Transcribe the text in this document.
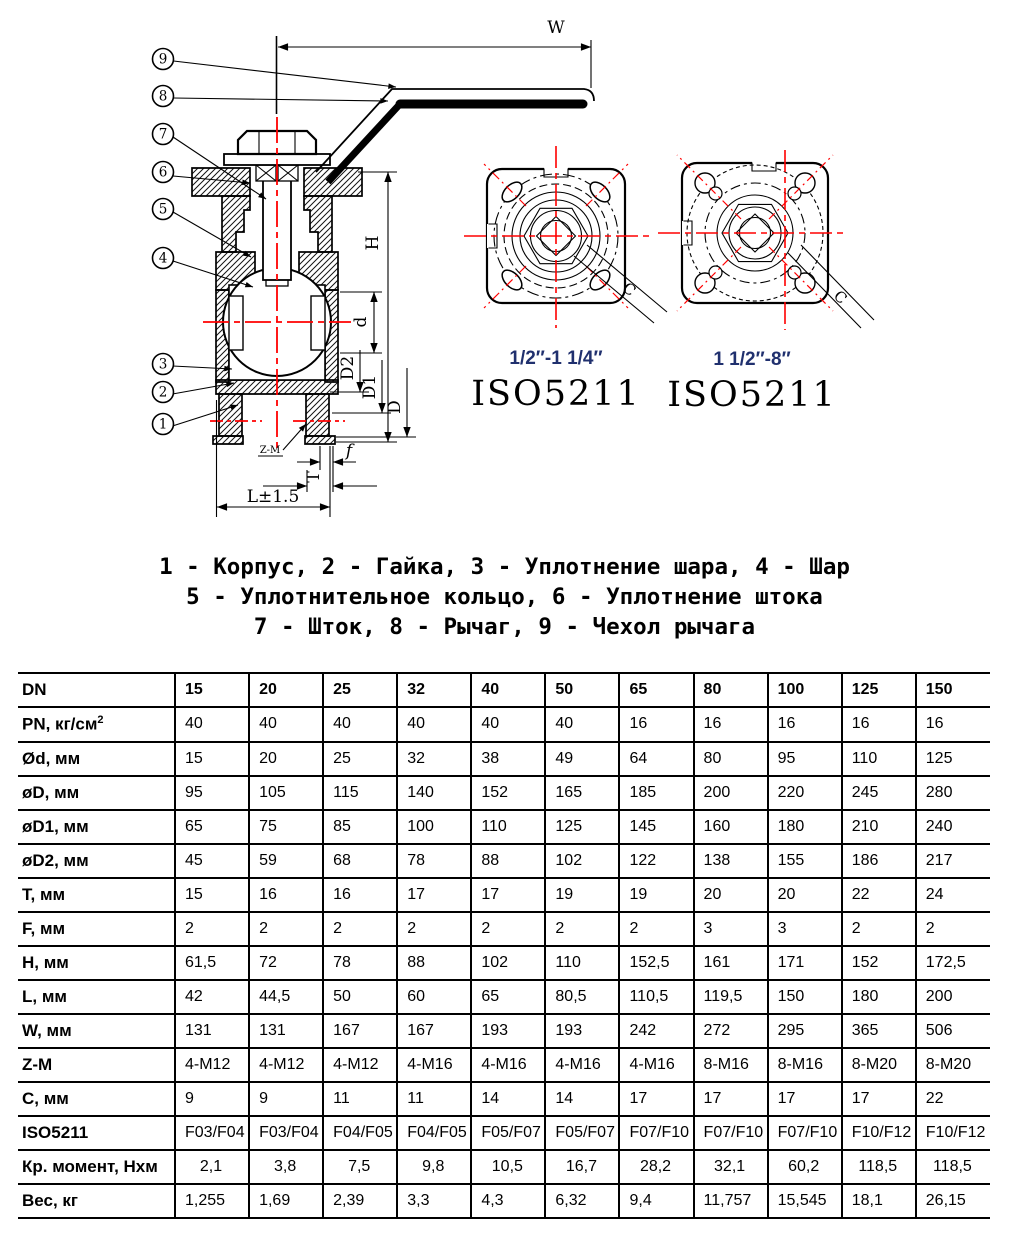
W
H
d
D2
D1
D
f
T
L±1.5
Z-M
9
8
7
6
5
4
3
2
1
C	C
1/2″-1 1/4″
ISO5211
1 1/2″-8″
ISO5211
1 - Корпус, 2 - Гайка, 3 - Уплотнение шара, 4 - Шар
5 - Уплотнительное кольцо, 6 - Уплотнение штока
7 - Шток, 8 - Рычаг, 9 - Чехол рычага
DN	15	20	25	32	40	50	65	80	100	125	150
PN, $кг/см^2$	40	40	40	40	40	40	16	16	16	16	16
Ød, мм	15	20	25	32	38	49	64	80	95	110	125
øD, мм	95	105	115	140	152	165	185	200	220	245	280
øD1, мм	65	75	85	100	110	125	145	160	180	210	240
øD2, мм	45	59	68	78	88	102	122	138	155	186	217
T, мм	15	16	16	17	17	19	19	20	20	22	24
F, мм	2	2	2	2	2	2	2	3	3	2	2
H, мм	61,5	72	78	88	102	110	152,5	161	171	152	172,5
L, мм	42	44,5	50	60	65	80,5	110,5	119,5	150	180	200
W, мм	131	131	167	167	193	193	242	272	295	365	506
Z-M	4-M12	4-M12	4-M12	4-M16	4-M16	4-M16	4-M16	8-M16	8-M16	8-M20	8-M20
C, мм	9	9	11	11	14	14	17	17	17	17	22
ISO5211	F03/F04	F03/F04	F04/F05	F04/F05	F05/F07	F05/F07	F07/F10	F07/F10	F07/F10	F10/F12	F10/F12
Кр. момент, Нхм	2,1	3,8	7,5	9,8	10,5	16,7	28,2	32,1	60,2	118,5	118,5
Вес, кг	1,255	1,69	2,39	3,3	4,3	6,32	9,4	11,757	15,545	18,1	26,15
